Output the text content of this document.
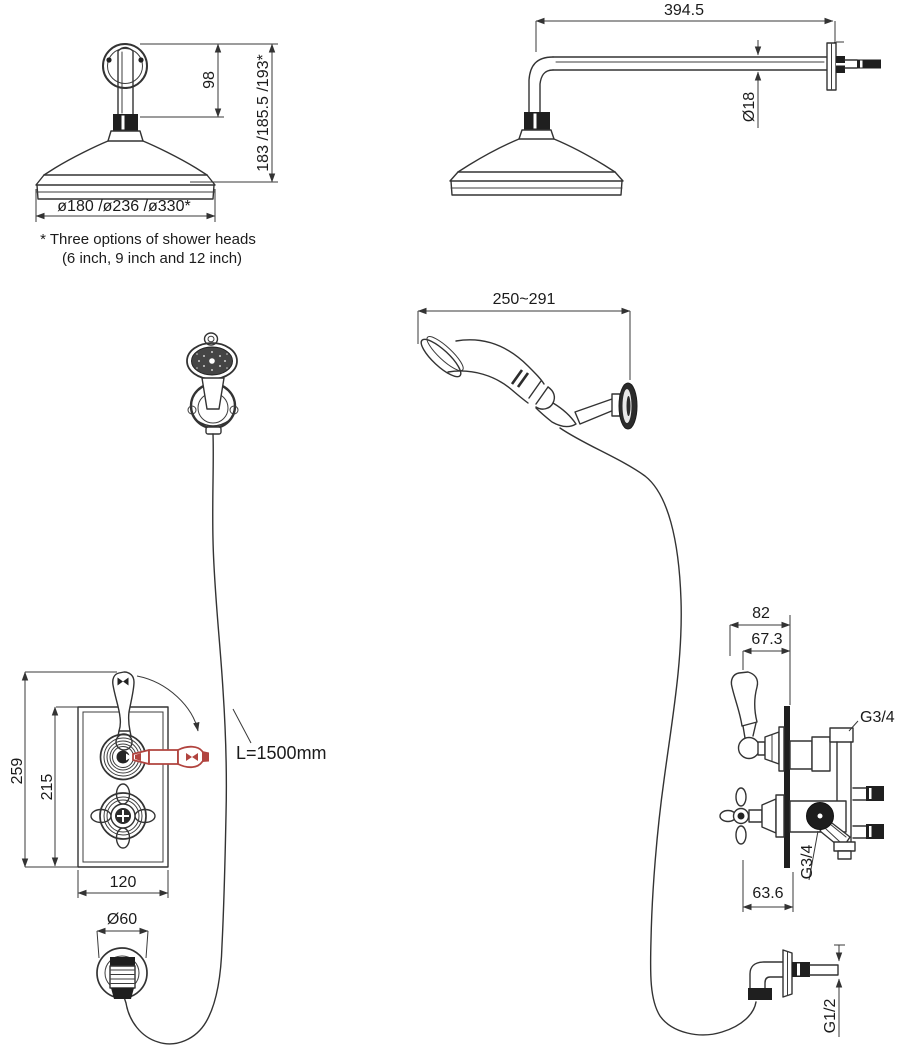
ø180 /ø236 /ø330*
98 183 /185.5 /193*
* Three options of shower heads
(6 inch, 9 inch and 12 inch)
394.5
Ø18
250~291
G1/2
L=1500mm
259
215
120
Ø60
82
67.3
G3/4
G3/4
63.6
